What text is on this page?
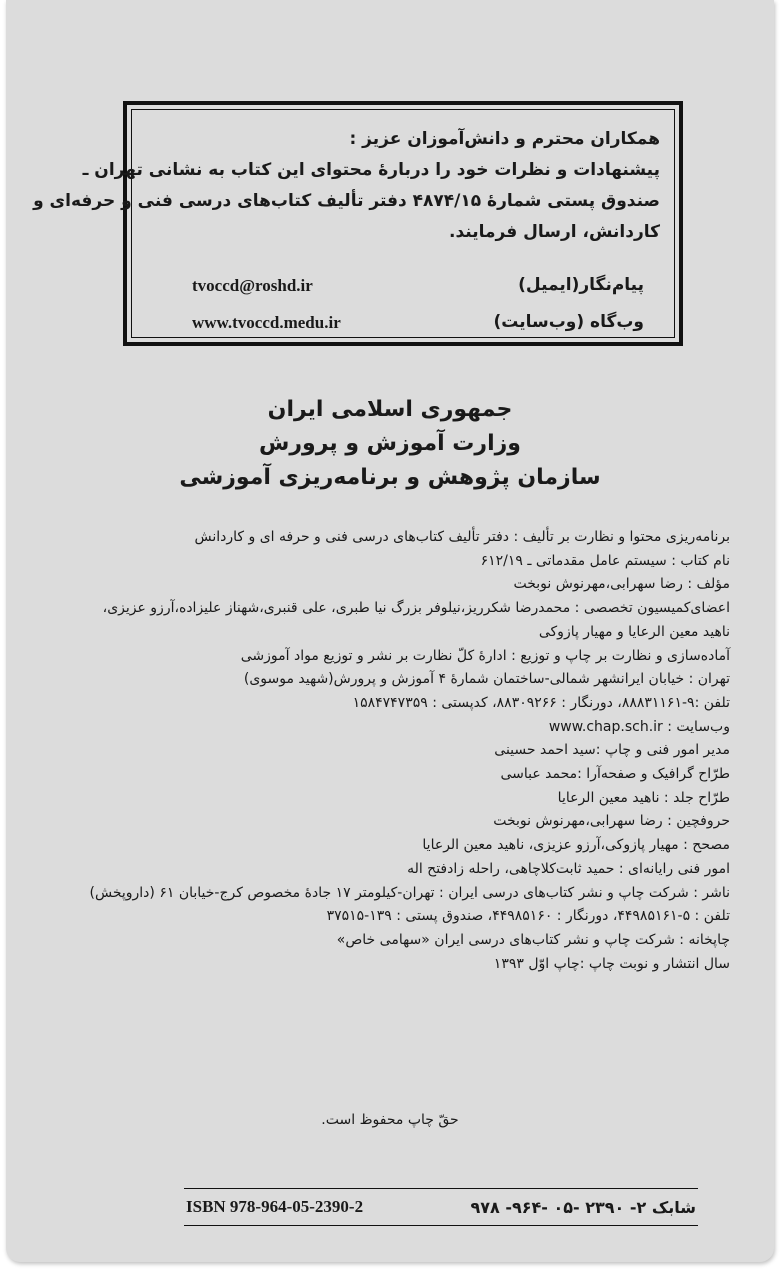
همکاران محترم و دانش‌آموزان عزیز :
پیشنهادات و نظرات خود را دربارهٔ محتوای این کتاب به نشانی تهران ـ
صندوق پستی شمارهٔ ۴۸۷۴/۱۵ دفتر تألیف کتاب‌های درسی فنی و حرفه‌ای و
کاردانش، ارسال فرمایند.
پیام‌نگار(ایمیل)
tvoccd@roshd.ir
وب‌گاه (وب‌سایت)
www.tvoccd.medu.ir
جمهوری اسلامی ایران
وزارت آموزش و پرورش
سازمان پژوهش و برنامه‌ریزی آموزشی
برنامه‌ریزی محتوا و نظارت بر تألیف : دفتر تألیف کتاب‌های درسی فنی و حرفه ای و کاردانش
نام کتاب : سیستم عامل مقدماتی ـ ۶۱۲/۱۹
مؤلف : رضا سهرابی،مهرنوش نوبخت
اعضای‌کمیسیون تخصصی : محمدرضا شکرریز،نیلوفر بزرگ نیا طبری، علی قنبری،شهناز علیزاده،آرزو عزیزی،
ناهید معین الرعایا و مهیار پازوکی
آماده‌سازی و نظارت بر چاپ و توزیع : ادارهٔ کلّ نظارت بر نشر و توزیع مواد آموزشی
تهران : خیابان ایرانشهر شمالی-ساختمان شمارهٔ ۴ آموزش و پرورش(شهید موسوی)
تلفن :۹-۸۸۸۳۱۱۶۱، دورنگار : ۸۸۳۰۹۲۶۶، کدپستی : ۱۵۸۴۷۴۷۳۵۹
وب‌سایت : www.chap.sch.ir
مدیر امور فنی و چاپ :سید احمد حسینی
طرّاح گرافیک و صفحه‌آرا :محمد عباسی
طرّاح جلد : ناهید معین الرعایا
حروفچین : رضا سهرابی،مهرنوش نوبخت
مصحح : مهیار پازوکی،آرزو عزیزی، ناهید معین الرعایا
امور فنی رایانه‌ای : حمید ثابت‌کلاچاهی، راحله زادفتح اله
ناشر : شرکت چاپ و نشر کتاب‌های درسی ایران : تهران-کیلومتر ۱۷ جادهٔ مخصوص کرج-خیابان ۶۱ (داروپخش)
تلفن : ۵-۴۴۹۸۵۱۶۱، دورنگار : ۴۴۹۸۵۱۶۰، صندوق پستی : ۱۳۹-۳۷۵۱۵
چاپخانه : شرکت چاپ و نشر کتاب‌های درسی ایران «سهامی خاص»
سال انتشار و نوبت چاپ :چاپ اوّل ۱۳۹۳
حقّ چاپ محفوظ است.
ISBN 978-964-05-2390-2	شابک ۲- ۲۳۹۰ -۰۵ -۹۶۴- ۹۷۸
